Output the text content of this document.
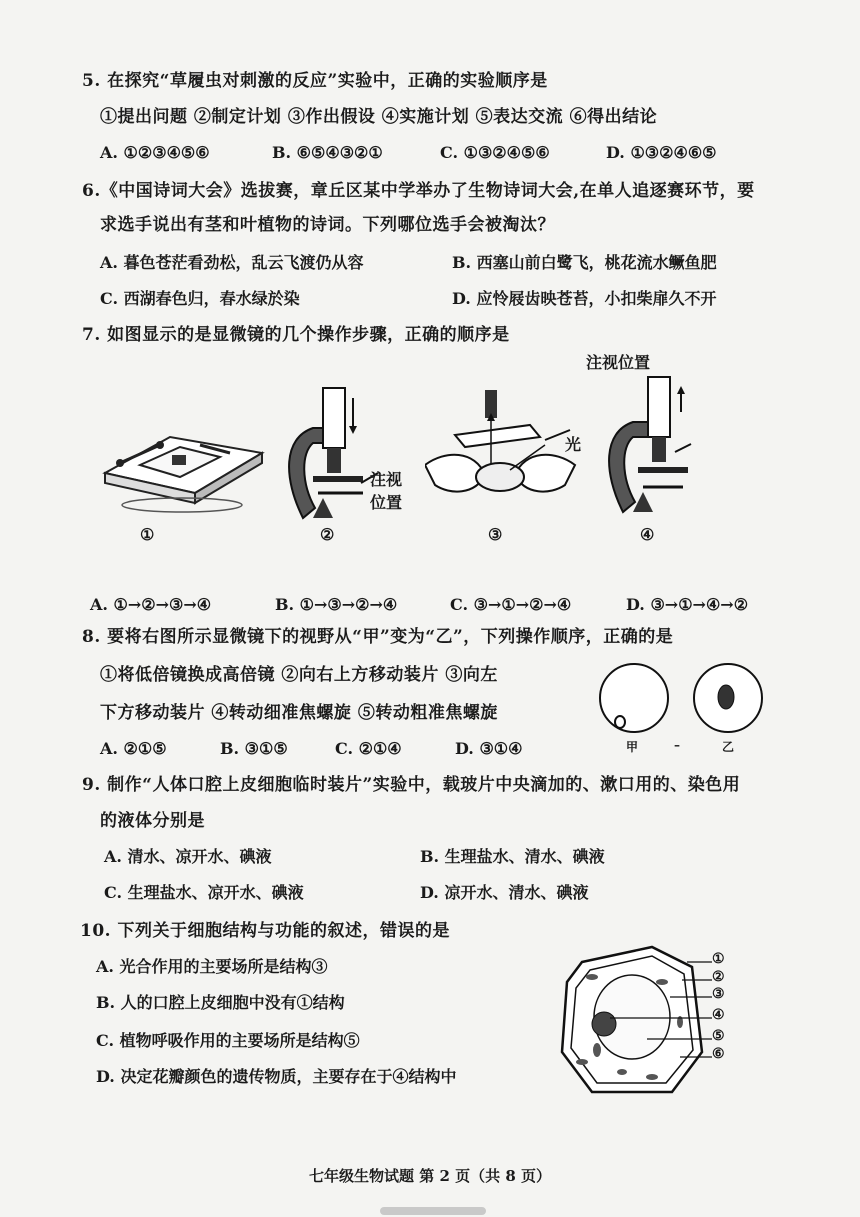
5. 在探究“草履虫对刺激的反应”实验中，正确的实验顺序是
①提出问题 ②制定计划 ③作出假设 ④实施计划 ⑤表达交流 ⑥得出结论
A. ①②③④⑤⑥	B. ⑥⑤④③②①	C. ①③②④⑤⑥	D. ①③②④⑥⑤
6.《中国诗词大会》选拔赛，章丘区某中学举办了生物诗词大会,在单人追逐赛环节，要
求选手说出有茎和叶植物的诗词。下列哪位选手会被淘汰？
A. 暮色苍茫看劲松，乱云飞渡仍从容	B. 西塞山前白鹭飞，桃花流水鳜鱼肥
C. 西湖春色归，春水绿於染	D. 应怜屐齿映苍苔，小扣柴扉久不开
7. 如图显示的是显微镜的几个操作步骤，正确的顺序是
①
注视
位置
②
光
③
注视位置
④
A. ①→②→③→④	B. ①→③→②→④	C. ③→①→②→④	D. ③→①→④→②
8. 要将右图所示显微镜下的视野从“甲”变为“乙”，下列操作顺序，正确的是
①将低倍镜换成高倍镜 ②向右上方移动装片 ③向左
下方移动装片 ④转动细准焦螺旋 ⑤转动粗准焦螺旋
A. ②①⑤	B. ③①⑤	C. ②①④	D. ③①④	甲	–	乙
9. 制作“人体口腔上皮细胞临时装片”实验中，载玻片中央滴加的、漱口用的、染色用
的液体分别是
A. 清水、凉开水、碘液	B. 生理盐水、清水、碘液
C. 生理盐水、凉开水、碘液	D. 凉开水、清水、碘液
10. 下列关于细胞结构与功能的叙述，错误的是
A. 光合作用的主要场所是结构③
B. 人的口腔上皮细胞中没有①结构
C. 植物呼吸作用的主要场所是结构⑤
D. 决定花瓣颜色的遗传物质，主要存在于④结构中
①
②
③
④
⑤
⑥
七年级生物试题 第 2 页（共 8 页）
